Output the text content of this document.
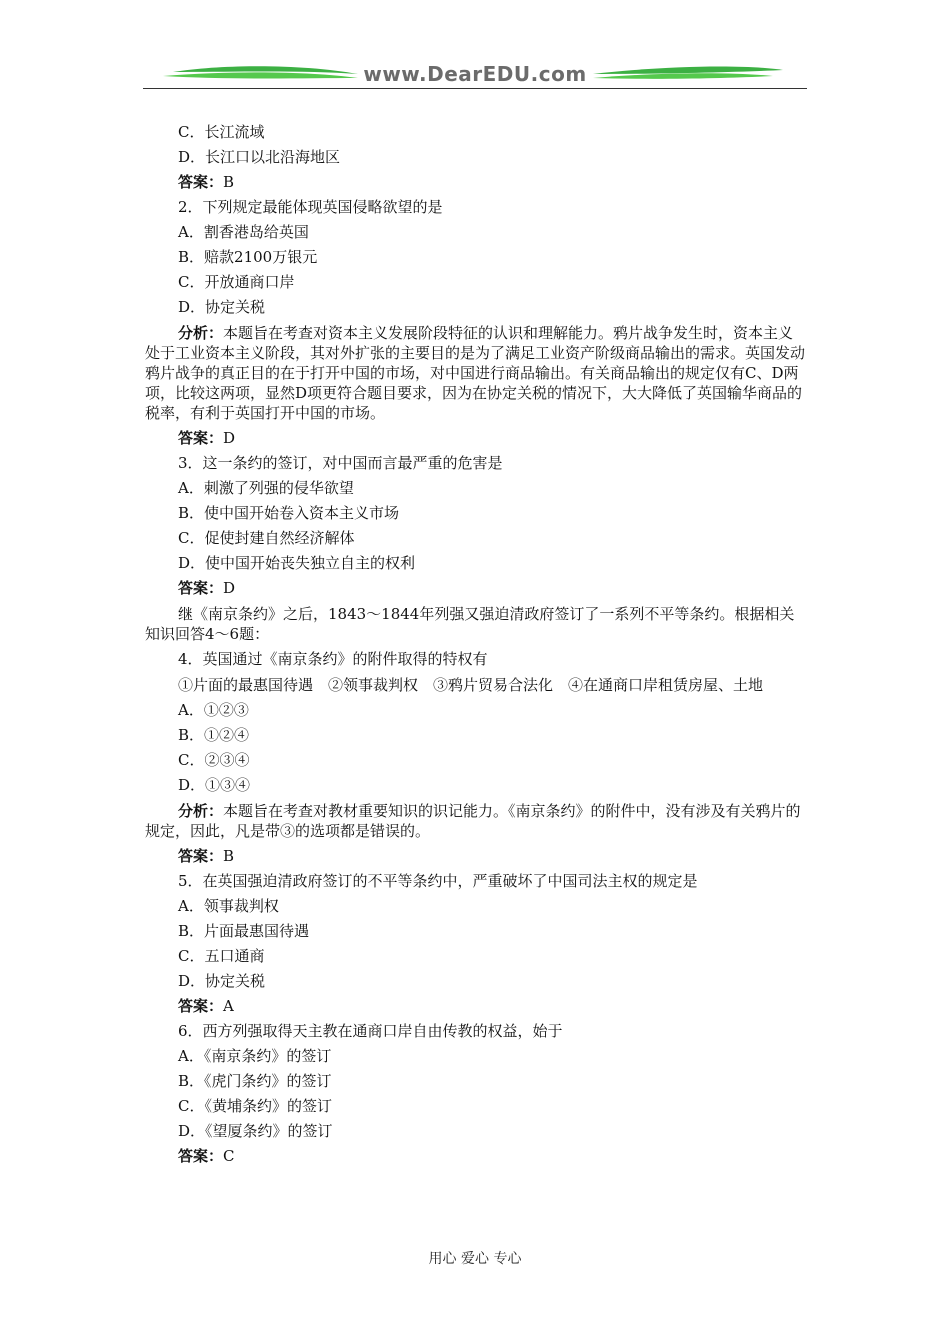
www.DearEDU.com
C．长江流域
D．长江口以北沿海地区
答案：B
2．下列规定最能体现英国侵略欲望的是
A．割香港岛给英国
B．赔款2100万银元
C．开放通商口岸
D．协定关税
分析：本题旨在考查对资本主义发展阶段特征的认识和理解能力。鸦片战争发生时，资本主义处于工业资本主义阶段，其对外扩张的主要目的是为了满足工业资产阶级商品输出的需求。英国发动鸦片战争的真正目的在于打开中国的市场，对中国进行商品输出。有关商品输出的规定仅有C、D两项，比较这两项，显然D项更符合题目要求，因为在协定关税的情况下，大大降低了英国输华商品的税率，有利于英国打开中国的市场。
答案：D
3．这一条约的签订，对中国而言最严重的危害是
A．刺激了列强的侵华欲望
B．使中国开始卷入资本主义市场
C．促使封建自然经济解体
D．使中国开始丧失独立自主的权利
答案：D
继《南京条约》之后，1843～1844年列强又强迫清政府签订了一系列不平等条约。根据相关知识回答4～6题：
4．英国通过《南京条约》的附件取得的特权有
①片面的最惠国待遇　②领事裁判权　③鸦片贸易合法化　④在通商口岸租赁房屋、土地
A．①②③
B．①②④
C．②③④
D．①③④
分析：本题旨在考查对教材重要知识的识记能力。《南京条约》的附件中，没有涉及有关鸦片的规定，因此，凡是带③的选项都是错误的。
答案：B
5．在英国强迫清政府签订的不平等条约中，严重破坏了中国司法主权的规定是
A．领事裁判权
B．片面最惠国待遇
C．五口通商
D．协定关税
答案：A
6．西方列强取得天主教在通商口岸自由传教的权益，始于
A．《南京条约》的签订
B．《虎门条约》的签订
C．《黄埔条约》的签订
D．《望厦条约》的签订
答案：C
用心 爱心 专心
